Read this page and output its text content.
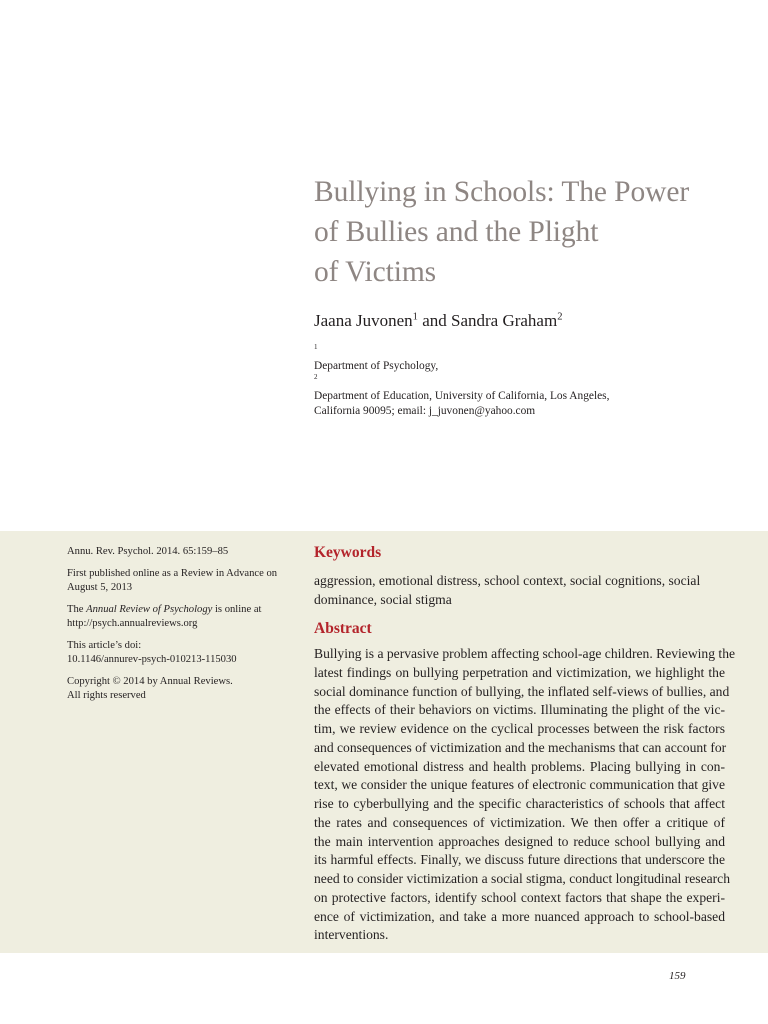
Bullying in Schools: The Power
of Bullies and the Plight
of Victims
Jaana Juvonen$^1$ and Sandra Graham$^2$
$^1$
Department of Psychology,
$^2$
Department of Education, University of California, Los Angeles,
California 90095; email: j_juvonen@yahoo.com

Annu. Rev. Psychol. 2014. 65:159–85

First published online as a Review in Advance on
August 5, 2013

The Annual Review of Psychology is online at
http://psych.annualreviews.org

This article’s doi:
10.1146/annurev-psych-010213-115030

Copyright © 2014 by Annual Reviews.
All rights reserved

Keywords
aggression, emotional distress, school context, social cognitions, social
dominance, social stigma
Abstract
Bullying is a pervasive problem affecting school-age children. Reviewing the
latest findings on bullying perpetration and victimization, we highlight the
social dominance function of bullying, the inflated self-views of bullies, and
the effects of their behaviors on victims. Illuminating the plight of the vic-
tim, we review evidence on the cyclical processes between the risk factors
and consequences of victimization and the mechanisms that can account for
elevated emotional distress and health problems. Placing bullying in con-
text, we consider the unique features of electronic communication that give
rise to cyberbullying and the specific characteristics of schools that affect
the rates and consequences of victimization. We then offer a critique of
the main intervention approaches designed to reduce school bullying and
its harmful effects. Finally, we discuss future directions that underscore the
need to consider victimization a social stigma, conduct longitudinal research
on protective factors, identify school context factors that shape the experi-
ence of victimization, and take a more nuanced approach to school-based
interventions.
159
